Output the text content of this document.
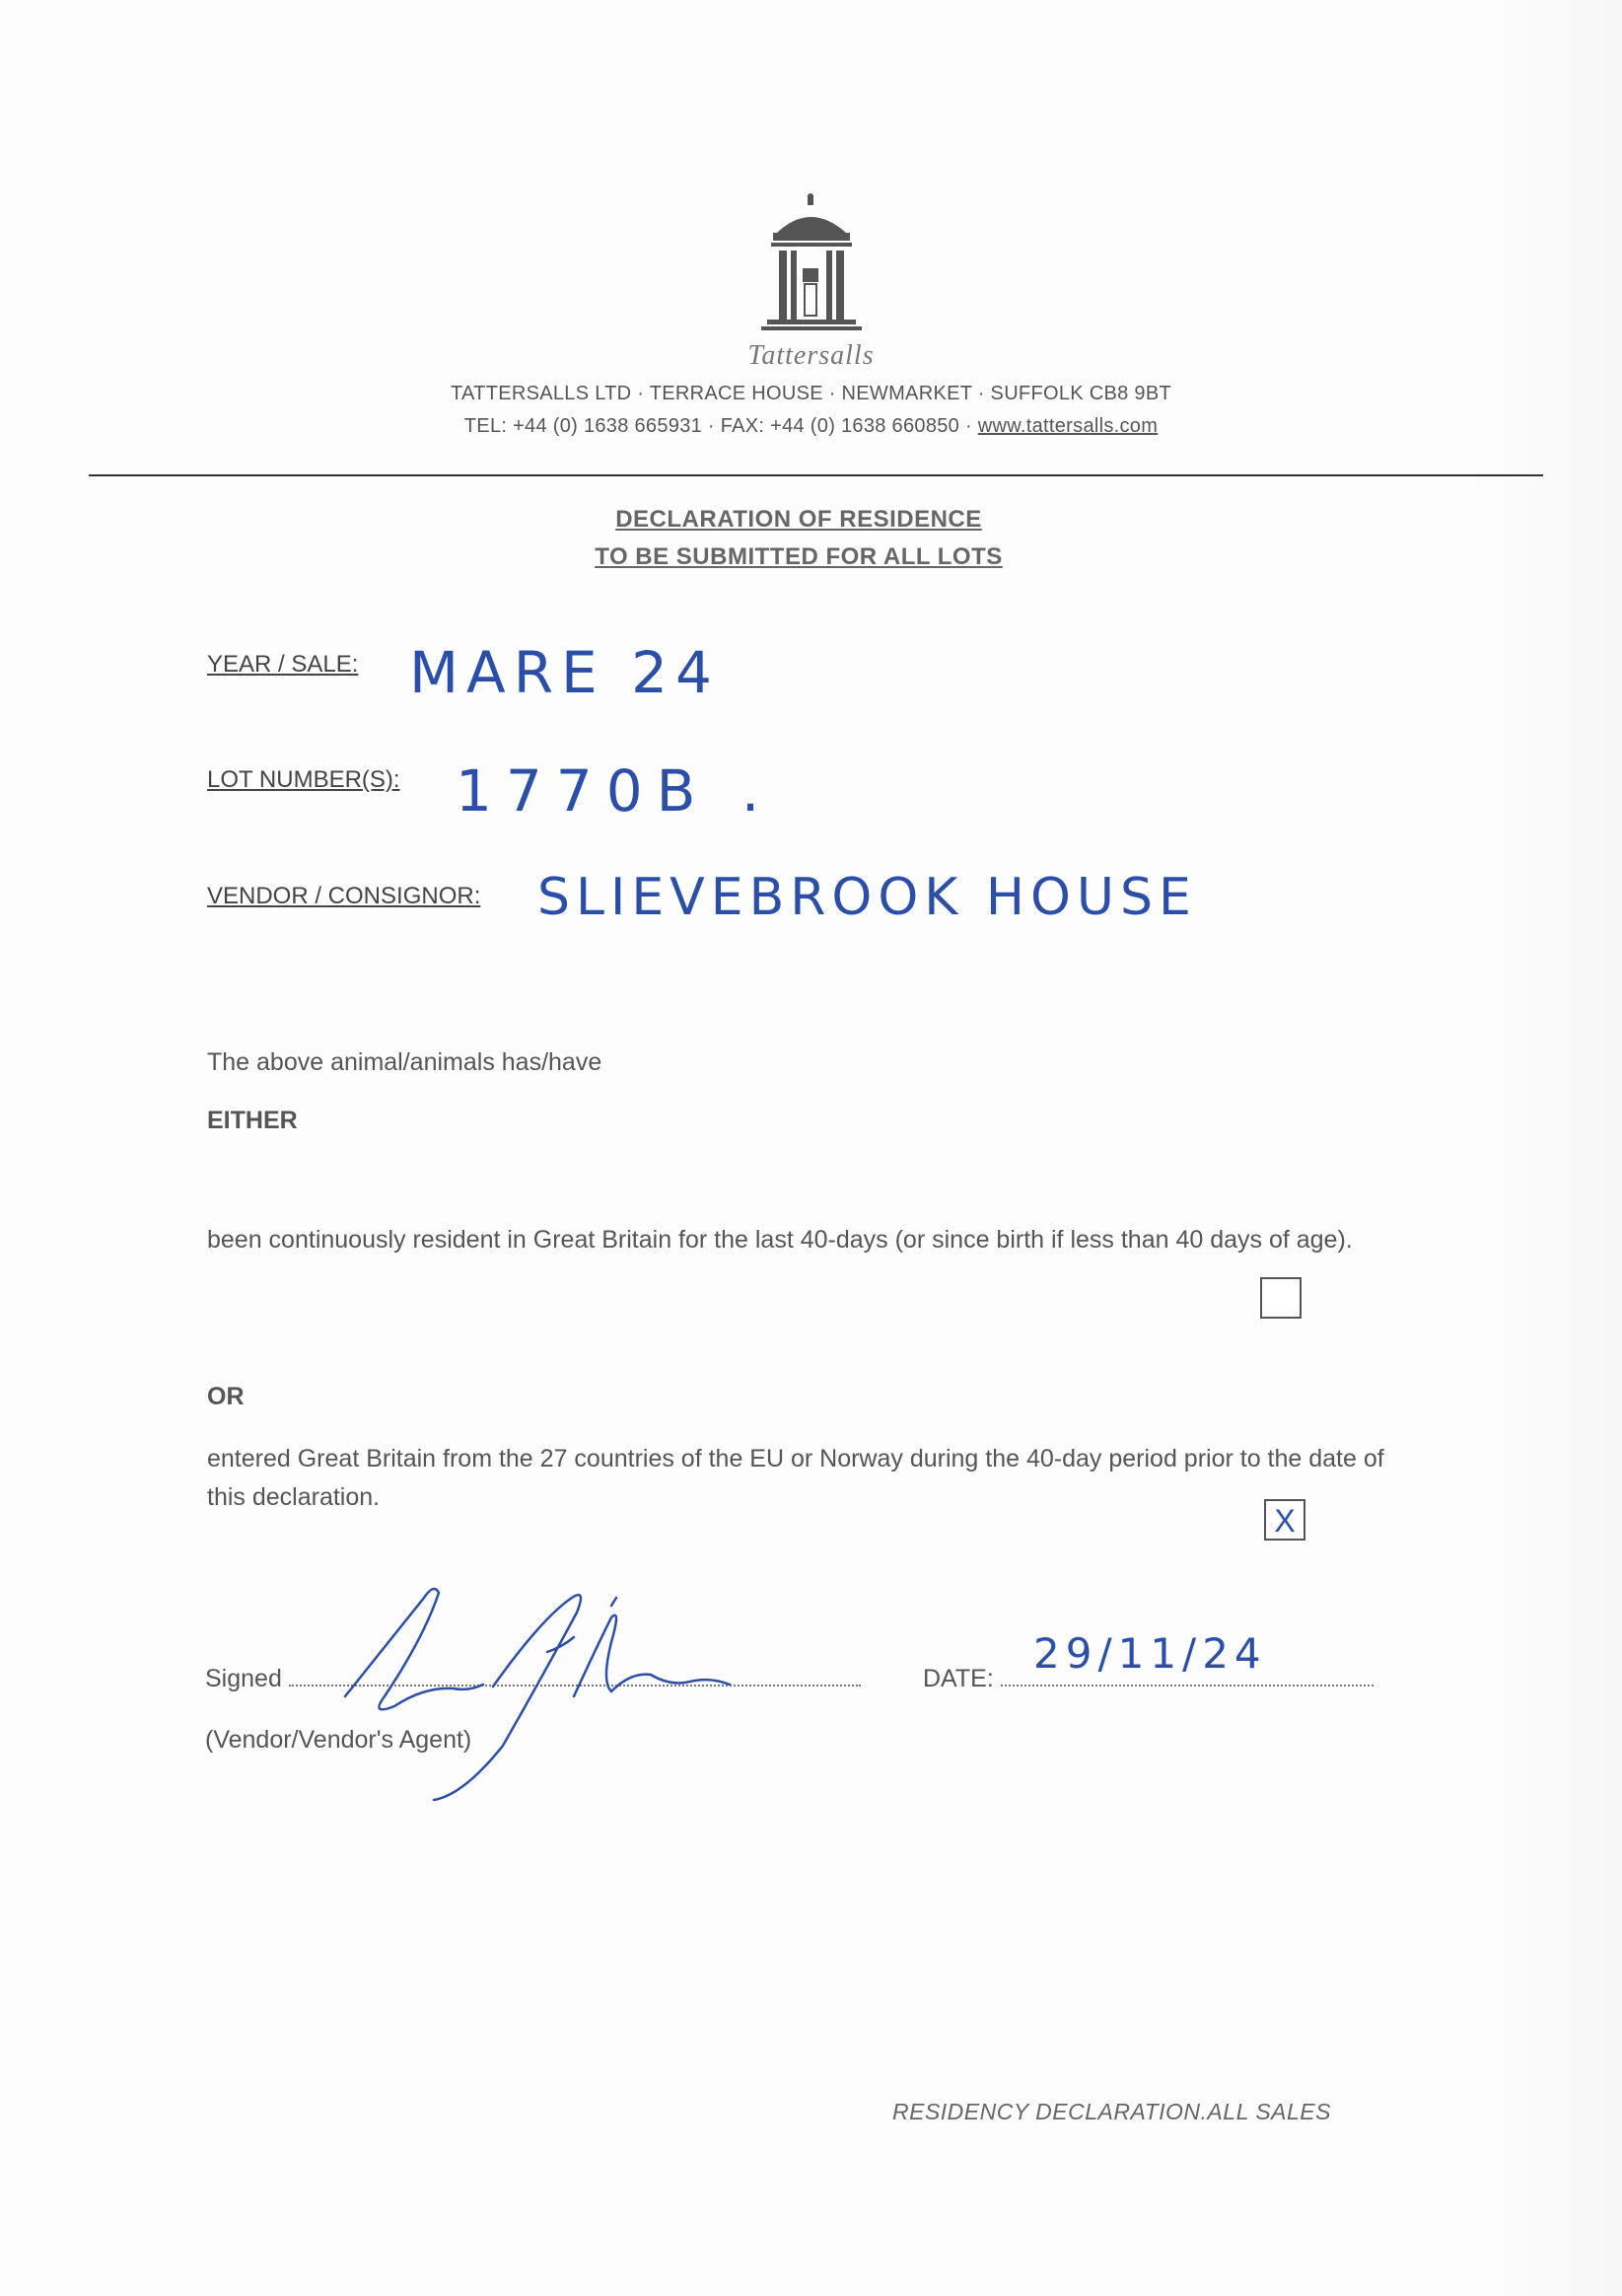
Tattersalls
TATTERSALLS LTD · TERRACE HOUSE · NEWMARKET · SUFFOLK CB8 9BT
TEL: +44 (0) 1638 665931 · FAX: +44 (0) 1638 660850 · www.tattersalls.com
DECLARATION OF RESIDENCE
TO BE SUBMITTED FOR ALL LOTS
YEAR / SALE: MARE 24
LOT NUMBER(S): 1770B .
VENDOR / CONSIGNOR: SLIEVEBROOK HOUSE
The above animal/animals has/have
EITHER
been continuously resident in Great Britain for the last 40-days (or since birth if less than 40 days of age).
OR
entered Great Britain from the 27 countries of the EU or Norway during the 40-day period prior to the date of this declaration.
X
Signed
(Vendor/Vendor's Agent)
DATE:
29/11/24
RESIDENCY DECLARATION.ALL SALES
